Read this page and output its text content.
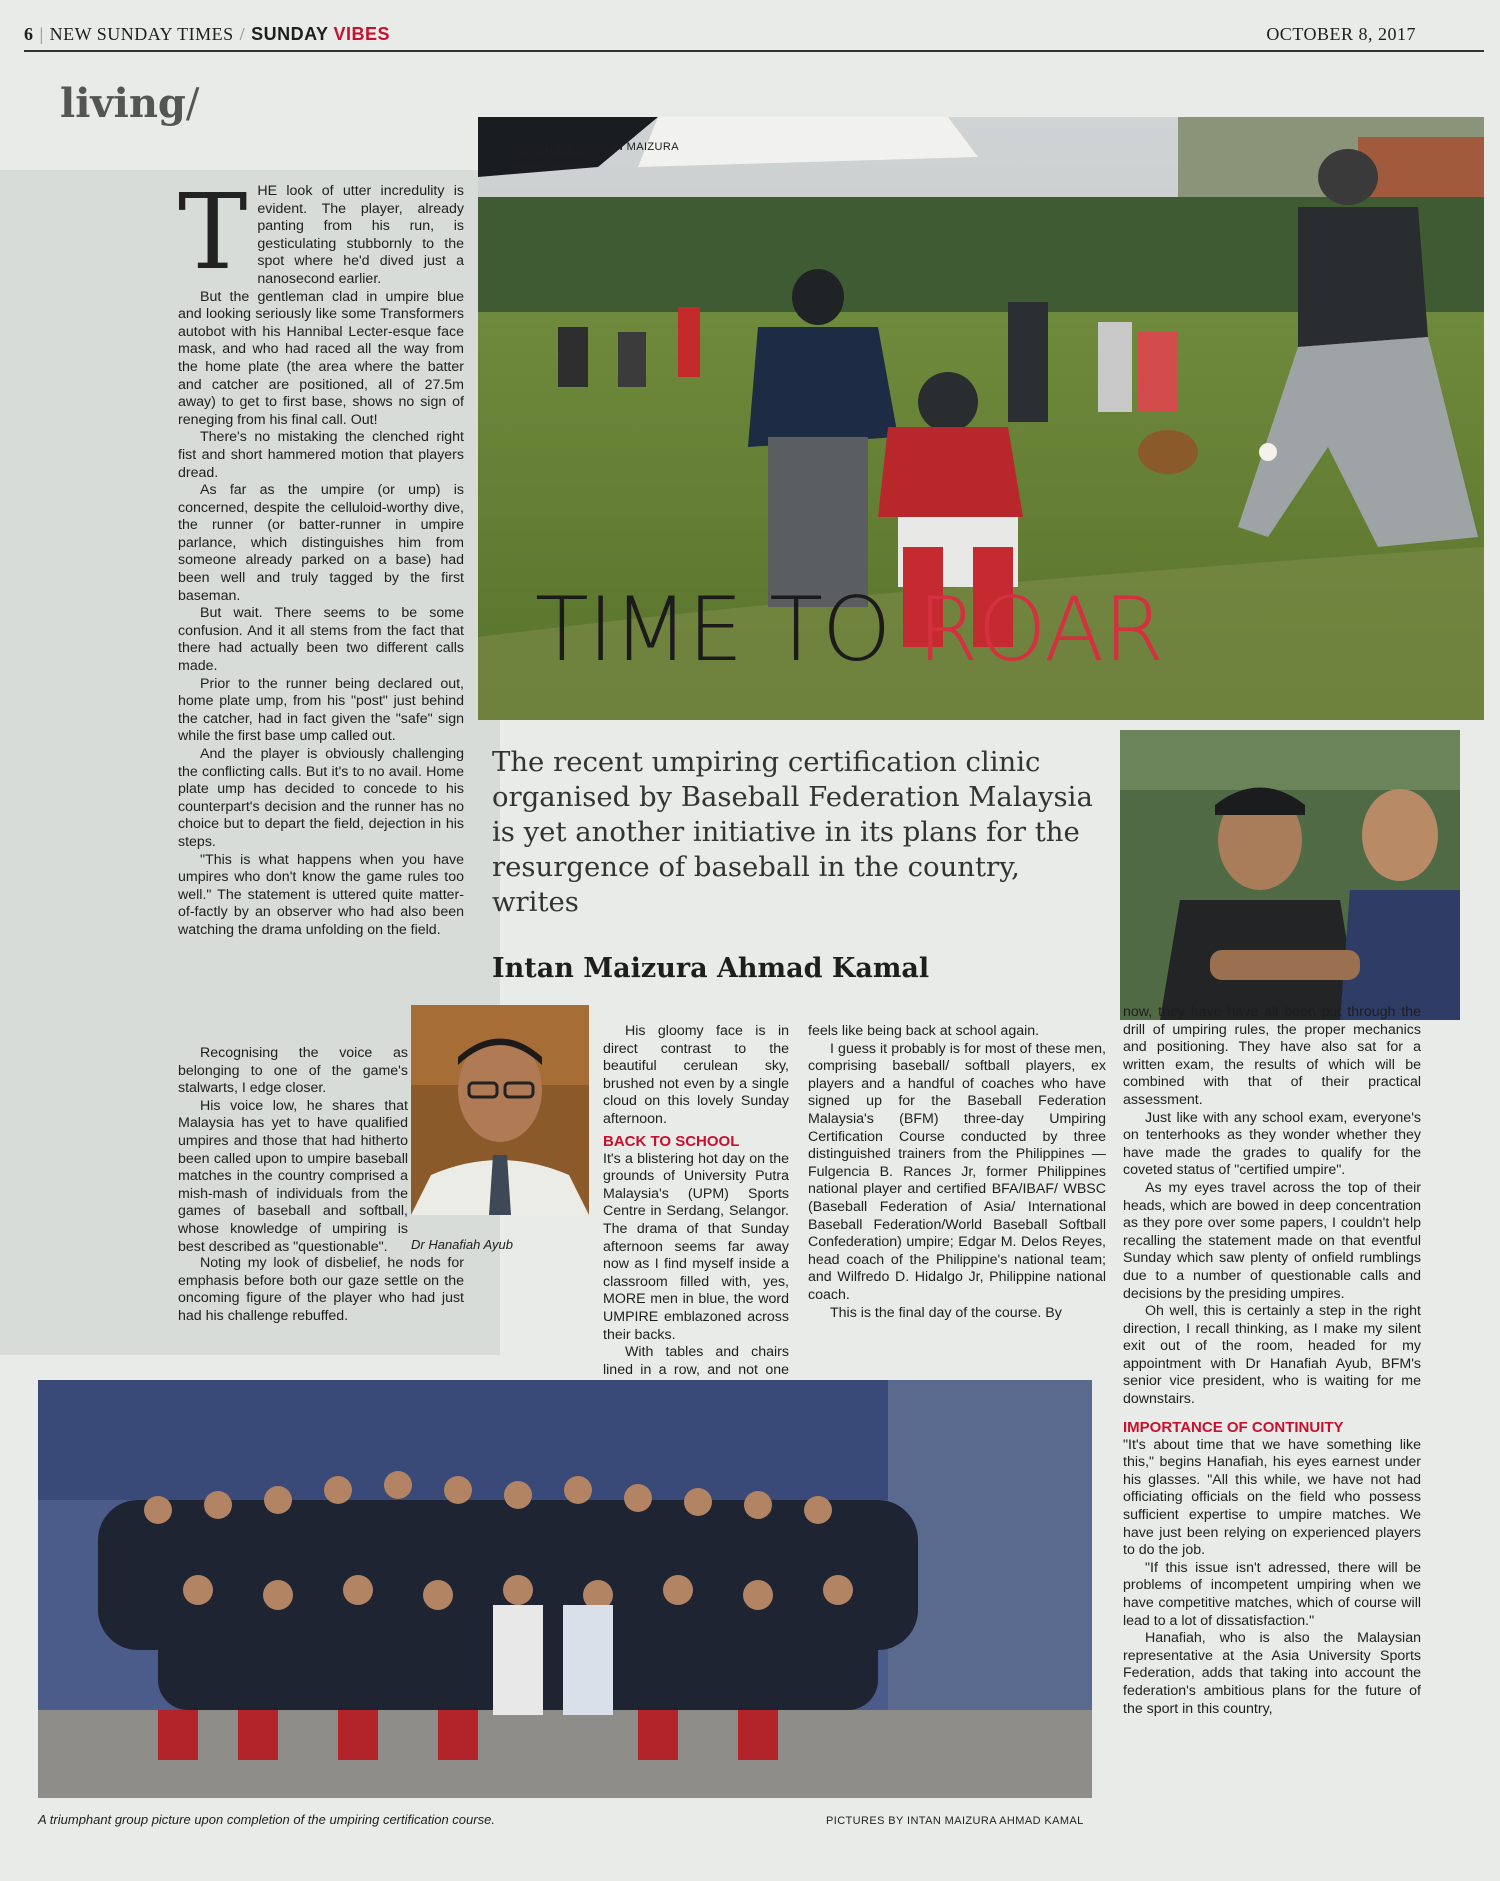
6 | NEW SUNDAY TIMES / SUNDAY VIBES	OCTOBER 8, 2017
living/
PICTURES BY INTAN MAIZURA AHMAD KAMAL
TIME TO ROAR
The recent umpiring certification clinic organised by Baseball Federation Malaysia is yet another initiative in its plans for the resurgence of baseball in the country, writes
Intan Maizura Ahmad Kamal

THE look of utter incredulity is evident. The player, already panting from his run, is gesticulating stubbornly to the spot where he'd dived just a nanosecond earlier.

But the gentleman clad in umpire blue and looking seriously like some Transformers autobot with his Hannibal Lecter-esque face mask, and who had raced all the way from the home plate (the area where the batter and catcher are positioned, all of 27.5m away) to get to first base, shows no sign of reneging from his final call. Out!

There's no mistaking the clenched right fist and short hammered motion that players dread.

As far as the umpire (or ump) is concerned, despite the celluloid-worthy dive, the runner (or batter-runner in umpire parlance, which distinguishes him from someone already parked on a base) had been well and truly tagged by the first baseman.

But wait. There seems to be some confusion. And it all stems from the fact that there had actually been two different calls made.

Prior to the runner being declared out, home plate ump, from his "post" just behind the catcher, had in fact given the "safe" sign while the first base ump called out.

And the player is obviously challenging the conflicting calls. But it's to no avail. Home plate ump has decided to concede to his counterpart's decision and the runner has no choice but to depart the field, dejection in his steps.

"This is what happens when you have umpires who don't know the game rules too well." The statement is uttered quite matter-of-factly by an observer who had also been watching the drama unfolding on the field.

Recognising the voice as belonging to one of the game's stalwarts, I edge closer.

His voice low, he shares that Malaysia has yet to have qualified umpires and those that had hitherto been called upon to umpire baseball matches in the country comprised a mish-mash of individuals from the games of baseball and softball, whose knowledge of umpiring is best described as "questionable".

Noting my look of disbelief, he nods for emphasis before both our gaze settle on the oncoming figure of the player who had just had his challenge rebuffed.

Dr Hanafiah Ayub

His gloomy face is in direct contrast to the beautiful cerulean sky, brushed not even by a single cloud on this lovely Sunday afternoon.

BACK TO SCHOOL

It's a blistering hot day on the grounds of University Putra Malaysia's (UPM) Sports Centre in Serdang, Selangor. The drama of that Sunday afternoon seems far away now as I find myself inside a classroom filled with, yes, MORE men in blue, the word UMPIRE emblazoned across their backs.

With tables and chairs lined in a row, and not one

feels like being back at school again.

I guess it probably is for most of these men, comprising baseball/ softball players, ex players and a handful of coaches who have signed up for the Baseball Federation Malaysia's (BFM) three-day Umpiring Certification Course conducted by three distinguished trainers from the Philippines — Fulgencia B. Rances Jr, former Philippines national player and certified BFA/IBAF/ WBSC (Baseball Federation of Asia/ International Baseball Federation/World Baseball Softball Confederation) umpire; Edgar M. Delos Reyes, head coach of the Philippine's national team; and Wilfredo D. Hidalgo Jr, Philippine national coach.

This is the final day of the course. By

now, they have have all been put through the drill of umpiring rules, the proper mechanics and positioning. They have also sat for a written exam, the results of which will be combined with that of their practical assessment.

Just like with any school exam, everyone's on tenterhooks as they wonder whether they have made the grades to qualify for the coveted status of "certified umpire".

As my eyes travel across the top of their heads, which are bowed in deep concentration as they pore over some papers, I couldn't help recalling the statement made on that eventful Sunday which saw plenty of onfield rumblings due to a number of questionable calls and decisions by the presiding umpires.

Oh well, this is certainly a step in the right direction, I recall thinking, as I make my silent exit out of the room, headed for my appointment with Dr Hanafiah Ayub, BFM's senior vice president, who is waiting for me downstairs.

IMPORTANCE OF CONTINUITY

"It's about time that we have something like this," begins Hanafiah, his eyes earnest under his glasses. "All this while, we have not had officiating officials on the field who possess sufficient expertise to umpire matches. We have just been relying on experienced players to do the job.

"If this issue isn't adressed, there will be problems of incompetent umpiring when we have competitive matches, which of course will lead to a lot of dissatisfaction."

Hanafiah, who is also the Malaysian representative at the Asia University Sports Federation, adds that taking into account the federation's ambitious plans for the future of the sport in this country,

A triumphant group picture upon completion of the umpiring certification course.	PICTURES BY INTAN MAIZURA AHMAD KAMAL
